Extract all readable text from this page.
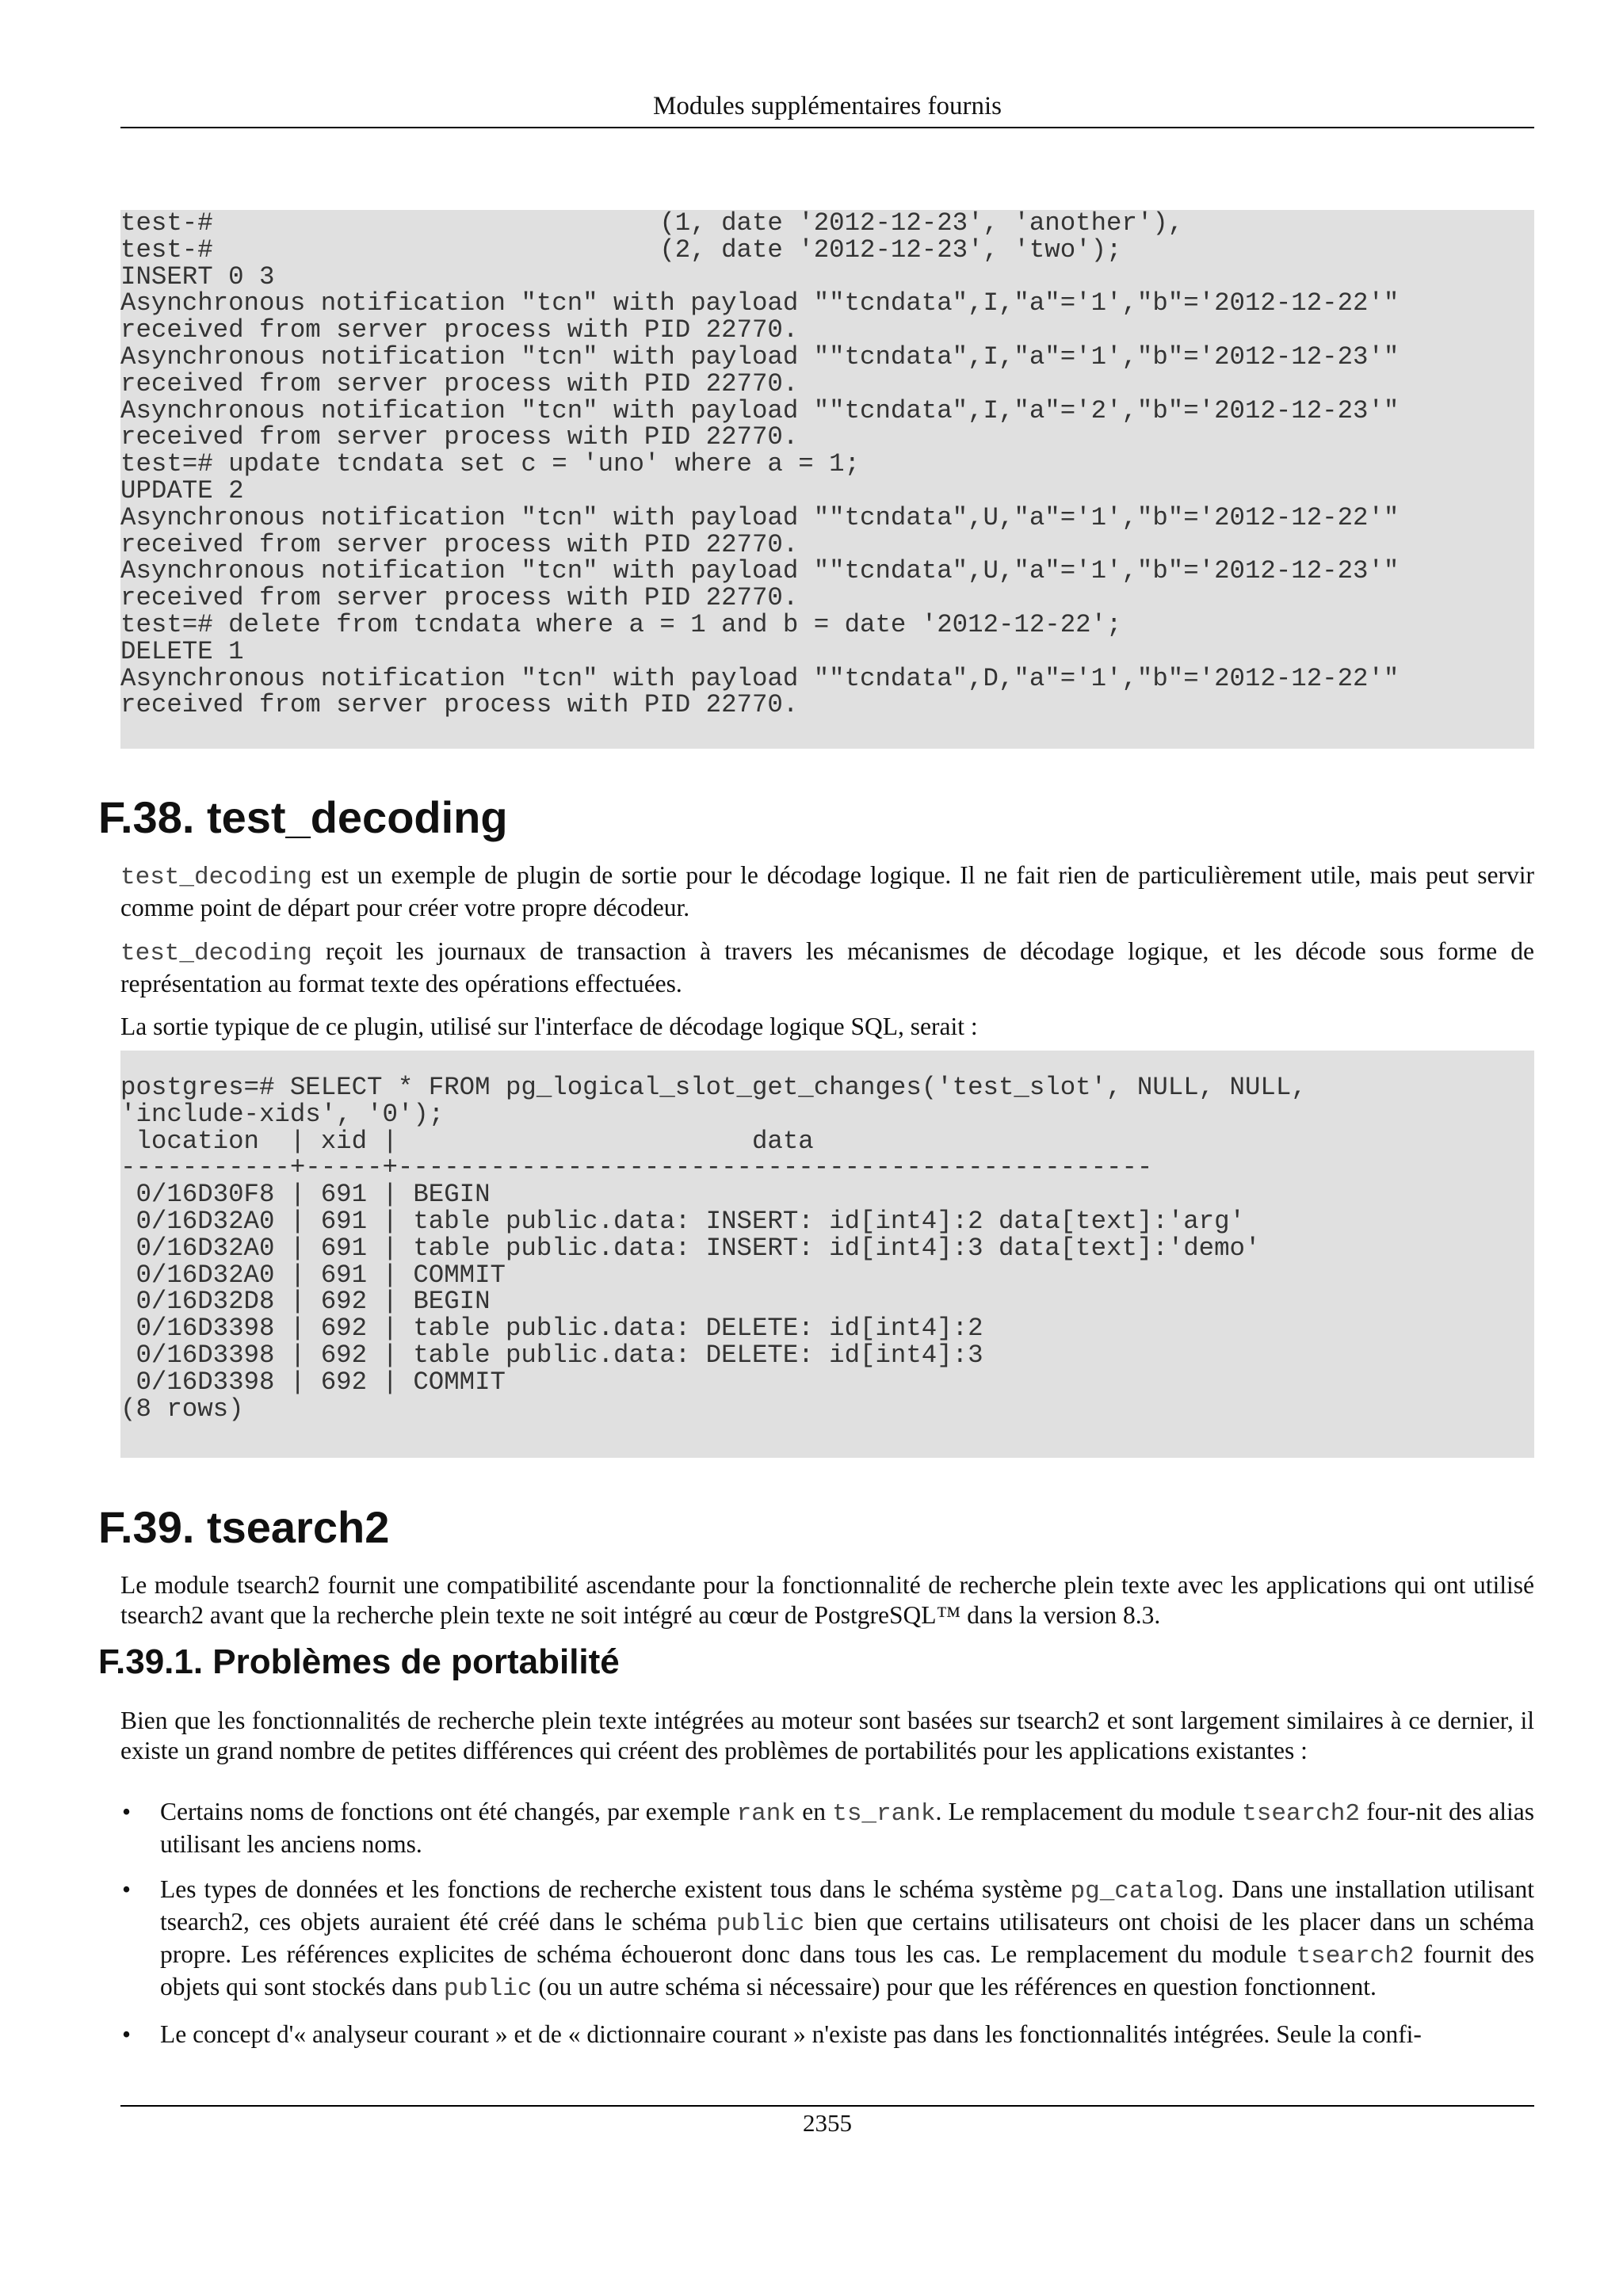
Modules supplémentaires fournis
test-#                             (1, date '2012-12-23', 'another'),
test-#                             (2, date '2012-12-23', 'two');
INSERT 0 3
Asynchronous notification "tcn" with payload ""tcndata",I,"a"='1',"b"='2012-12-22'"
received from server process with PID 22770.
Asynchronous notification "tcn" with payload ""tcndata",I,"a"='1',"b"='2012-12-23'"
received from server process with PID 22770.
Asynchronous notification "tcn" with payload ""tcndata",I,"a"='2',"b"='2012-12-23'"
received from server process with PID 22770.
test=# update tcndata set c = 'uno' where a = 1;
UPDATE 2
Asynchronous notification "tcn" with payload ""tcndata",U,"a"='1',"b"='2012-12-22'"
received from server process with PID 22770.
Asynchronous notification "tcn" with payload ""tcndata",U,"a"='1',"b"='2012-12-23'"
received from server process with PID 22770.
test=# delete from tcndata where a = 1 and b = date '2012-12-22';
DELETE 1
Asynchronous notification "tcn" with payload ""tcndata",D,"a"='1',"b"='2012-12-22'"
received from server process with PID 22770.
F.38. test_decoding

test_decoding est un exemple de plugin de sortie pour le décodage logique. Il ne fait rien de particulièrement utile, mais peut servir comme point de départ pour créer votre propre décodeur.

test_decoding reçoit les journaux de transaction à travers les mécanismes de décodage logique, et les décode sous forme de représentation au format texte des opérations effectuées.

La sortie typique de ce plugin, utilisé sur l'interface de décodage logique SQL, serait :

postgres=# SELECT * FROM pg_logical_slot_get_changes('test_slot', NULL, NULL,
'include-xids', '0');
location  | xid |                       data
-----------+-----+-------------------------------------------------
0/16D30F8 | 691 | BEGIN
0/16D32A0 | 691 | table public.data: INSERT: id[int4]:2 data[text]:'arg'
0/16D32A0 | 691 | table public.data: INSERT: id[int4]:3 data[text]:'demo'
0/16D32A0 | 691 | COMMIT
0/16D32D8 | 692 | BEGIN
0/16D3398 | 692 | table public.data: DELETE: id[int4]:2
0/16D3398 | 692 | table public.data: DELETE: id[int4]:3
0/16D3398 | 692 | COMMIT
(8 rows)
F.39. tsearch2

Le module tsearch2 fournit une compatibilité ascendante pour la fonctionnalité de recherche plein texte avec les applications qui ont utilisé tsearch2 avant que la recherche plein texte ne soit intégré au cœur de PostgreSQL™ dans la version 8.3.

F.39.1. Problèmes de portabilité

Bien que les fonctionnalités de recherche plein texte intégrées au moteur sont basées sur tsearch2 et sont largement similaires à ce dernier, il existe un grand nombre de petites différences qui créent des problèmes de portabilités pour les applications existantes :

• Certains noms de fonctions ont été changés, par exemple rank en ts_rank. Le remplacement du module tsearch2 four-nit des alias utilisant les anciens noms.
• Les types de données et les fonctions de recherche existent tous dans le schéma système pg_catalog. Dans une installation utilisant tsearch2, ces objets auraient été créé dans le schéma public bien que certains utilisateurs ont choisi de les placer dans un schéma propre. Les références explicites de schéma échoueront donc dans tous les cas. Le remplacement du module tsearch2 fournit des objets qui sont stockés dans public (ou un autre schéma si nécessaire) pour que les références en question fonctionnent.
• Le concept d'« analyseur courant » et de « dictionnaire courant » n'existe pas dans les fonctionnalités intégrées. Seule la confi-
2355
